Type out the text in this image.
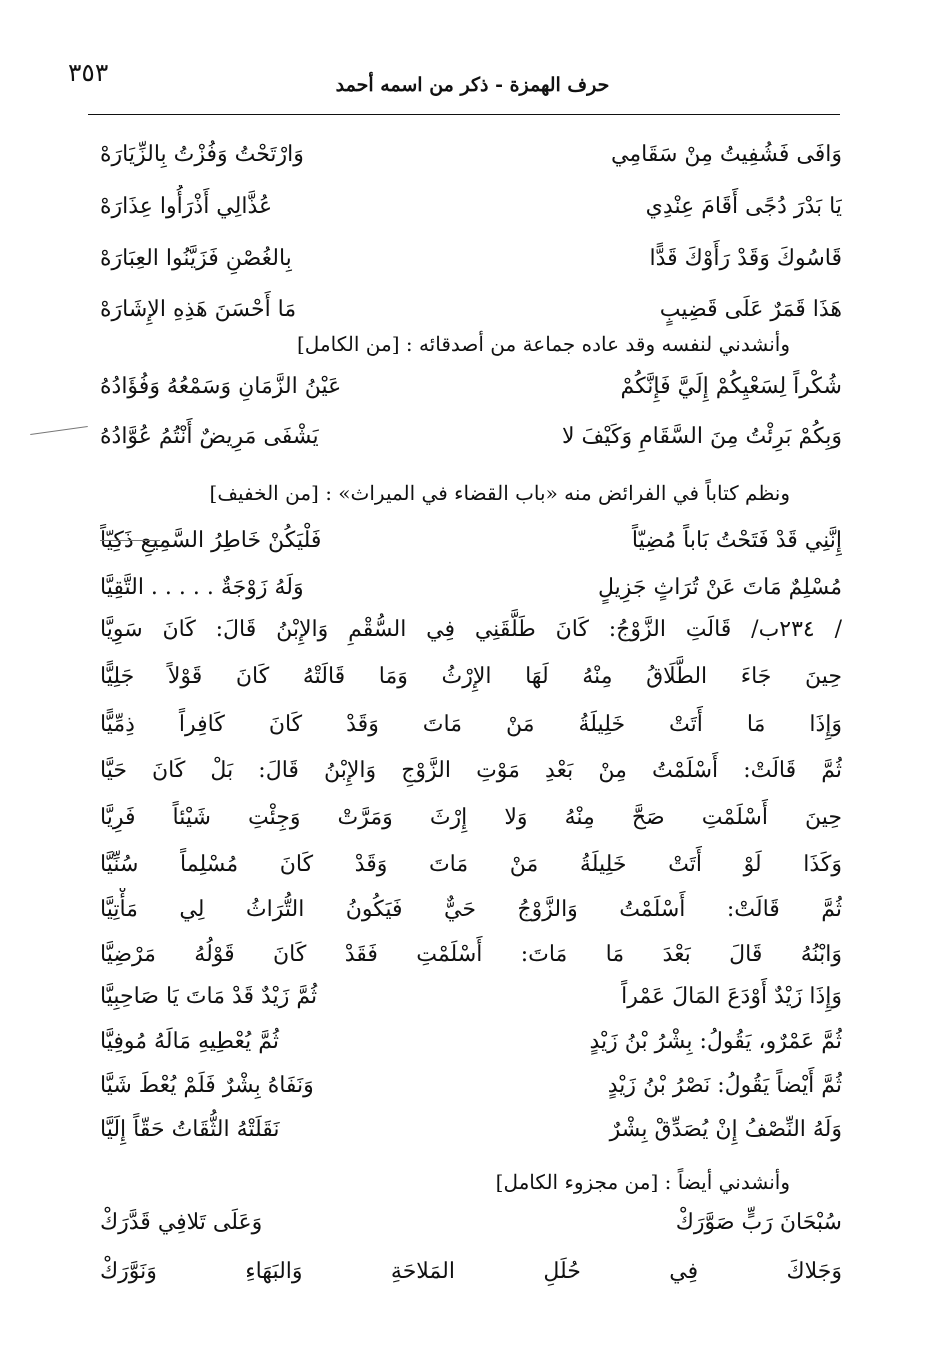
٣٥٣	حرف الهمزة - ذكر من اسمه أحمد
وَافَى فَشُفِيتُ مِنْ سَقَامِي
وَارْتَحْتُ وَفُزْتُ بِالزِّيَارَهْ
يَا بَدْرَ دُجًى أَقَامَ عِنْدِي
عُذَّالِي أَذْرَأُوا عِذَارَهْ
قَاسُوكَ وَقَدْ رَأَوْكَ قَدًّا
بِالغُصْنِ فَزَيَّنُوا العِبَارَهْ
هَذَا قَمَرٌ عَلَى قَضِيبٍ
مَا أَحْسَنَ هَذِهِ الإِشَارَهْ
وأنشدني لنفسه وقد عاده جماعة من أصدقائه : [من الكامل]
شُكْراً لِسَعْيِكُمْ إِلَيَّ فَإِنَّكُمْ
عَيْنُ الزَّمَانِ وَسَمْعُهُ وَفُؤَادُهُ
وَبِكُمْ بَرِئْتُ مِنَ السَّقَامِ وَكَيْفَ لا
يَشْفَى مَرِيضٌ أَنْتُمُ عُوَّادُهُ
ونظم كتاباً في الفرائض منه «باب القضاء في الميراث» : [من الخفيف]
إِنَّنِي قَدْ فَتَحْتُ بَاباً مُضِيّاً
فَلْيَكُنْ خَاطِرُ السَّمِيعِ ذَكِيّاً
مُسْلِمٌ مَاتَ عَنْ تُرَاثٍ جَزِيلٍ
وَلَهُ زَوْجَةٌ . . . . . التَّقِيَّا
/ ٢٣٤ب/ قَالَتِ الزَّوْجُ: كَانَ طَلَّقَنِي فِي السُّقْمِ وَالإِبْنُ قَالَ: كَانَ سَوِيَّا
حِينَ جَاءَ الطَّلَاقُ مِنْهُ لَهَا الإِرْثُ وَمَا قَالَتْهُ كَانَ قَوْلاً جَلِيًّا
وَإِذَا مَا أَتَتْ خَلِيلَةُ مَنْ مَاتَ وَقَدْ كَانَ كَافِراً ذِمِّيًّا
ثُمَّ قَالَتْ: أَسْلَمْتُ مِنْ بَعْدِ مَوْتِ الزَّوْجِ وَالإِبْنُ قَالَ: بَلْ كَانَ حَيَّا
حِينَ أَسْلَمْتِ صَحَّ مِنْهُ وَلا إِرْثَ وَمَرَّتْ وَجِئْتِ شَيْئاً فَرِيَّا
وَكَذَا لَوْ أَتَتْ خَلِيلَةُ مَنْ مَاتَ وَقَدْ كَانَ مُسْلِماً سُنِّيَّا
ثُمَّ قَالَتْ: أَسْلَمْتُ وَالزَّوْجُ حَيٌّ فَيَكُونُ التُّرَاثُ لِي مَأْتِيَّا
وَابْنُهُ قَالَ بَعْدَ مَا مَاتَ: أَسْلَمْتِ فَقَدْ كَانَ قَوْلُهُ مَرْضِيَّا
وَإِذَا زَيْدٌ أَوْدَعَ المَالَ عَمْراً
ثُمَّ زَيْدٌ قَدْ مَاتَ يَا صَاحِبِيَّا
ثُمَّ عَمْرٌو، يَقُولُ: بِشْرُ بْنُ زَيْدٍ
ثُمَّ يُعْطِيهِ مَالَهُ مُوفِيَّا
ثُمَّ أَيْضاً يَقُولُ: نَصْرُ بْنُ زَيْدٍ
وَنَفَاهُ بِشْرٌ فَلَمْ يُعْطَ شَيَّا
وَلَهُ النِّصْفُ إِنْ يُصَدِّقْ بِشْرٌ
نَقَلَتْهُ الثُّقَاتُ حَقّاً إِلَيَّا
وأنشدني أيضاً : [من مجزوء الكامل]
سُبْحَانَ رَبٍّ صَوَّرَكْ
وَعَلَى تَلافِي قَدَّرَكْ
وَجَلاكَ فِي حُلَلِ المَلاحَةِ وَالبَهَاءِ وَنَوَّرَكْ
